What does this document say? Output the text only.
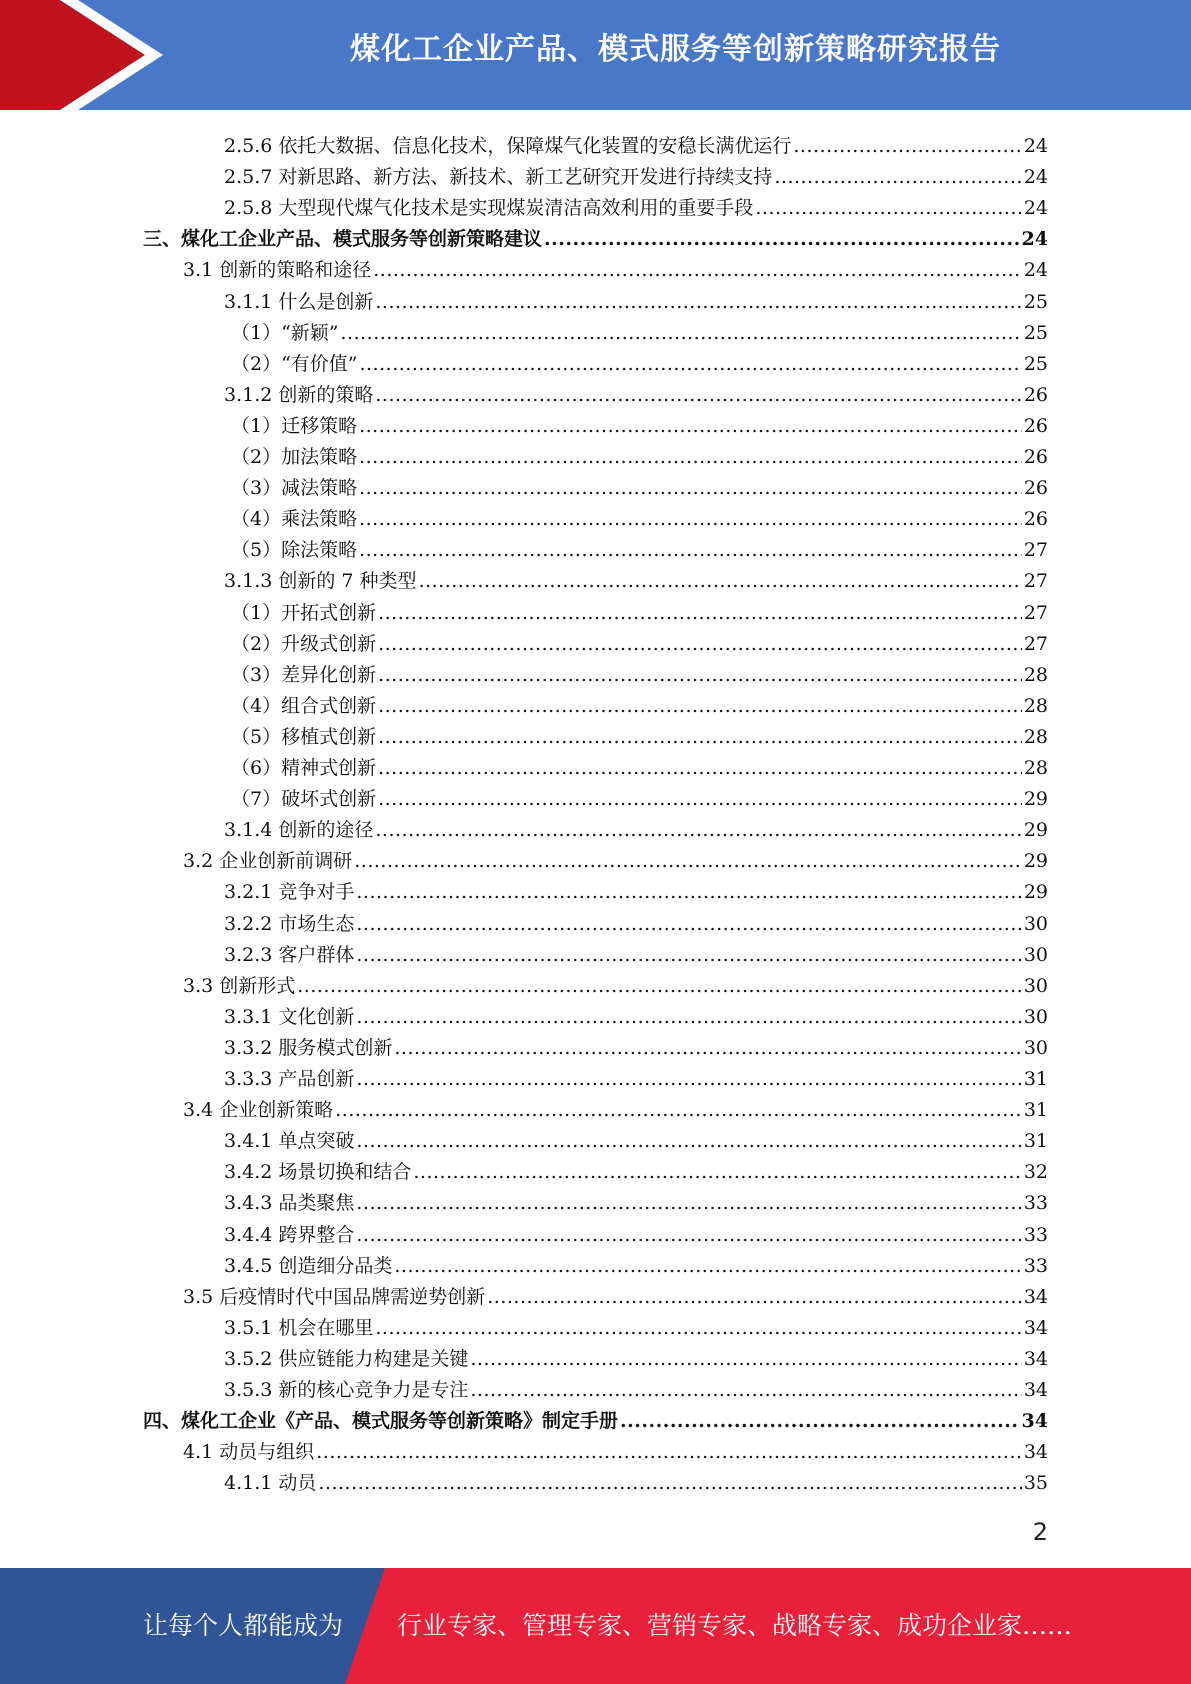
煤化工企业产品、模式服务等创新策略研究报告
2.5.6 依托大数据、信息化技术，保障煤气化装置的安稳长满优运行 .....	24
2.5.7 对新思路、新方法、新技术、新工艺研究开发进行持续支持 .....	24
2.5.8 大型现代煤气化技术是实现煤炭清洁高效利用的重要手段 .....	24
三、煤化工企业产品、模式服务等创新策略建议 .....	24
3.1 创新的策略和途径 .....	24
3.1.1 什么是创新 .....	25
（1）“新颖” .....	25
（2）“有价值” .....	25
3.1.2 创新的策略 .....	26
（1）迁移策略 .....	26
（2）加法策略 .....	26
（3）减法策略 .....	26
（4）乘法策略 .....	26
（5）除法策略 .....	27
3.1.3 创新的 7 种类型 .....	27
（1）开拓式创新 .....	27
（2）升级式创新 .....	27
（3）差异化创新 .....	28
（4）组合式创新 .....	28
（5）移植式创新 .....	28
（6）精神式创新 .....	28
（7）破坏式创新 .....	29
3.1.4 创新的途径 .....	29
3.2 企业创新前调研 .....	29
3.2.1 竞争对手 .....	29
3.2.2 市场生态 .....	30
3.2.3 客户群体 .....	30
3.3 创新形式 .....	30
3.3.1 文化创新 .....	30
3.3.2 服务模式创新 .....	30
3.3.3 产品创新 .....	31
3.4 企业创新策略 .....	31
3.4.1 单点突破 .....	31
3.4.2 场景切换和结合 .....	32
3.4.3 品类聚焦 .....	33
3.4.4 跨界整合 .....	33
3.4.5 创造细分品类 .....	33
3.5 后疫情时代中国品牌需逆势创新 .....	34
3.5.1 机会在哪里 .....	34
3.5.2 供应链能力构建是关键 .....	34
3.5.3 新的核心竞争力是专注 .....	34
四、煤化工企业《产品、模式服务等创新策略》制定手册 .....	34
4.1 动员与组织 .....	34
4.1.1 动员 .....	35
2
让每个人都能成为 行业专家、管理专家、营销专家、战略专家、成功企业家……
